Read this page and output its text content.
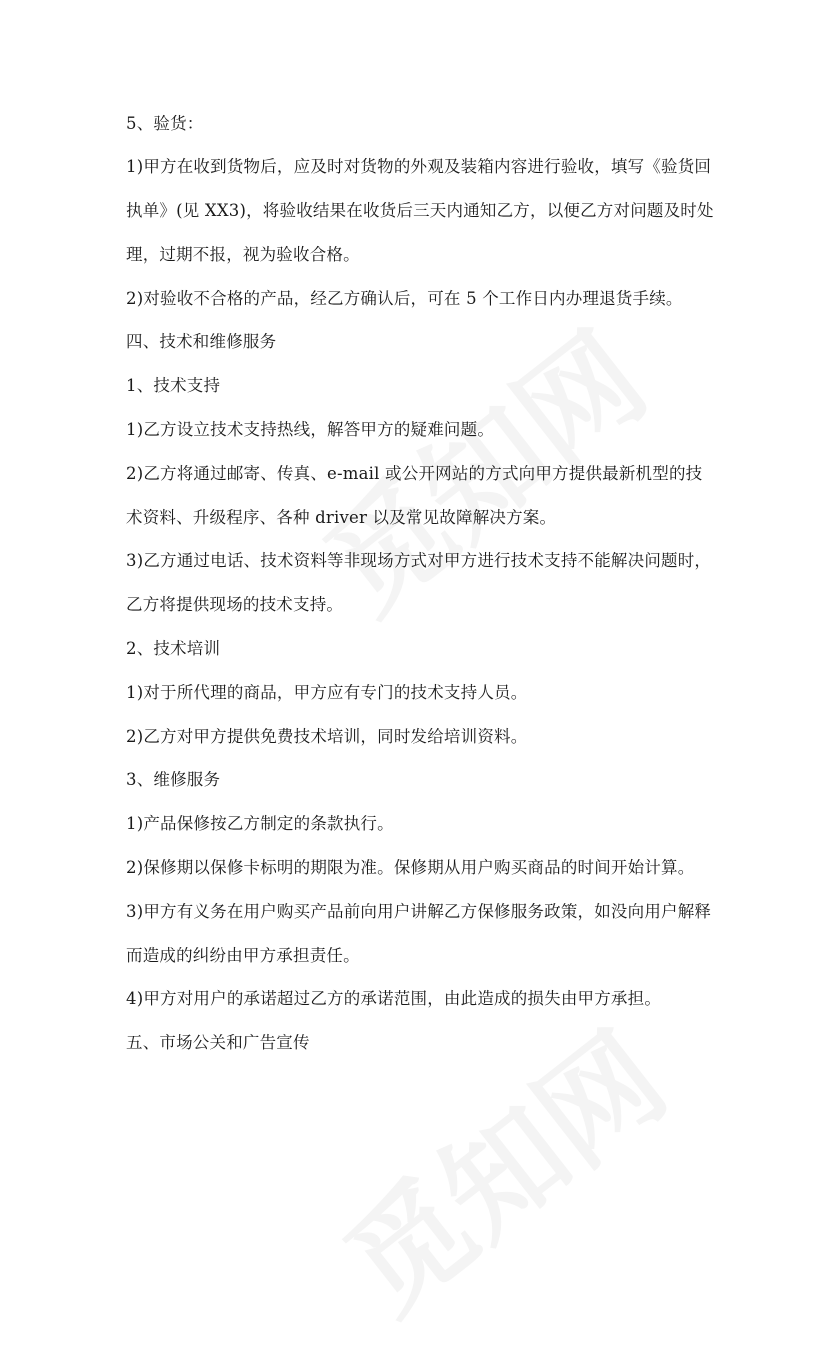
5、验货：
1)甲方在收到货物后，应及时对货物的外观及装箱内容进行验收，填写《验货回
执单》(见 XX3)，将验收结果在收货后三天内通知乙方，以便乙方对问题及时处
理，过期不报，视为验收合格。
2)对验收不合格的产品，经乙方确认后，可在 5 个工作日内办理退货手续。
四、技术和维修服务
1、技术支持
1)乙方设立技术支持热线，解答甲方的疑难问题。
2)乙方将通过邮寄、传真、e-mail 或公开网站的方式向甲方提供最新机型的技
术资料、升级程序、各种 driver 以及常见故障解决方案。
3)乙方通过电话、技术资料等非现场方式对甲方进行技术支持不能解决问题时，
乙方将提供现场的技术支持。
2、技术培训
1)对于所代理的商品，甲方应有专门的技术支持人员。
2)乙方对甲方提供免费技术培训，同时发给培训资料。
3、维修服务
1)产品保修按乙方制定的条款执行。
2)保修期以保修卡标明的期限为准。保修期从用户购买商品的时间开始计算。
3)甲方有义务在用户购买产品前向用户讲解乙方保修服务政策，如没向用户解释
而造成的纠纷由甲方承担责任。
4)甲方对用户的承诺超过乙方的承诺范围，由此造成的损失由甲方承担。
五、市场公关和广告宣传
